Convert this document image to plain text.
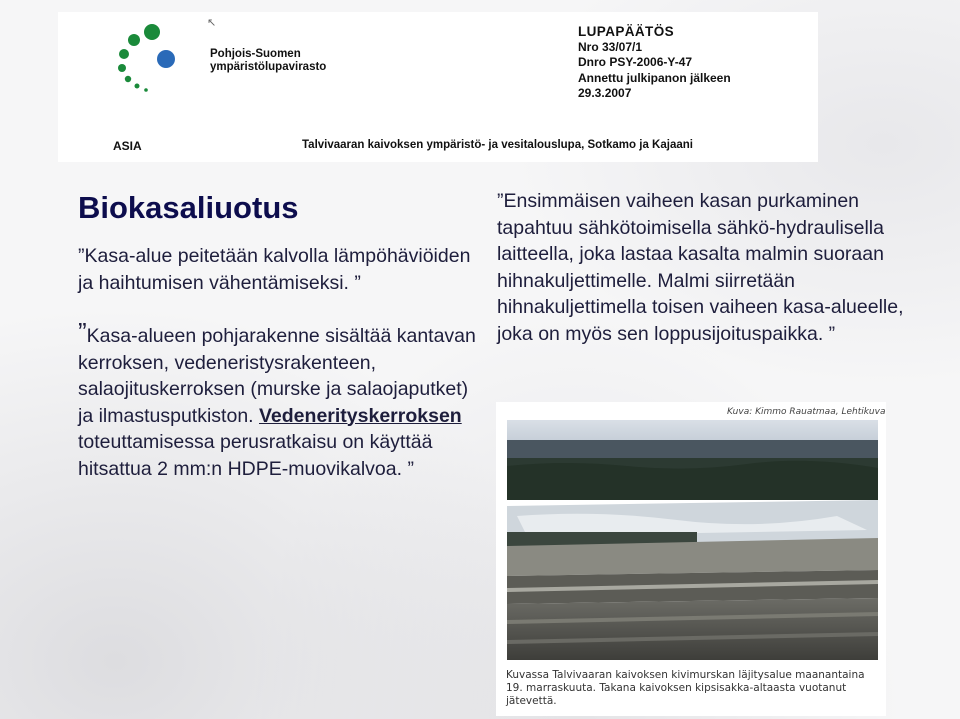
↖
Pohjois-Suomen
ympäristölupavirasto
LUPAPÄÄTÖS
Nro 33/07/1
Dnro PSY-2006-Y-47
Annettu julkipanon jälkeen
29.3.2007
ASIA	Talvivaaran kaivoksen ympäristö- ja vesitalouslupa, Sotkamo ja Kajaani
Biokasaliuotus

”Kasa-alue peitetään kalvolla lämpöhäviöiden ja haihtumisen vähentämiseksi. ”

”Kasa-alueen pohjarakenne sisältää kantavan kerroksen, vedeneristysrakenteen, salaojituskerroksen (murske ja salaojaputket) ja ilmastusputkiston. Vedenerityskerroksen toteuttamisessa perusratkaisu on käyttää hitsattua 2 mm:n HDPE-muovikalvoa. ”

”Ensimmäisen vaiheen kasan purkaminen tapahtuu sähkötoimisella sähkö-hydraulisella laitteella, joka lastaa kasalta malmin suoraan hihnakuljettimelle. Malmi siirretään hihnakuljettimella toisen vaiheen kasa-alueelle, joka on myös sen loppusijoituspaikka. ”

Kuva: Kimmo Rauatmaa, Lehtikuva

Kuvassa Talvivaaran kaivoksen kivimurskan läjitysalue maanantaina 19. marraskuuta. Takana kaivoksen kipsisakka-altaasta vuotanut jätevettä.
